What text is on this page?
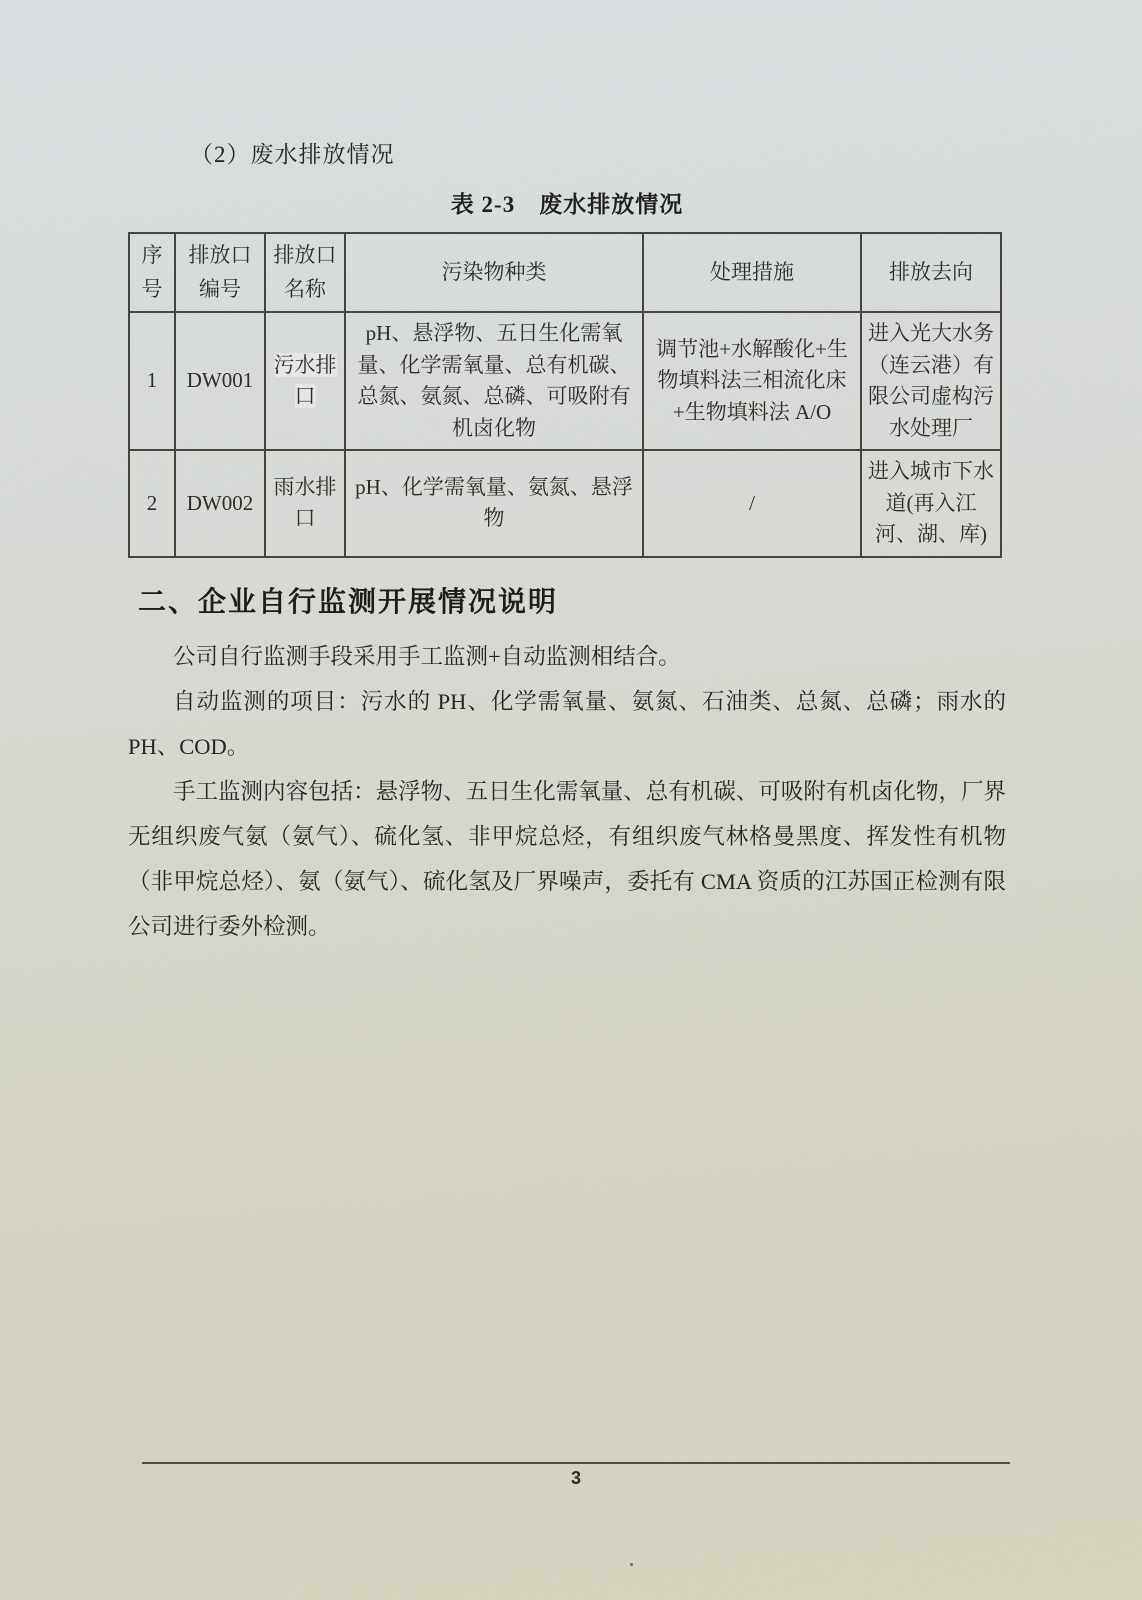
（2）废水排放情况
表 2-3　废水排放情况
序号	排放口编号	排放口名称	污染物种类	处理措施	排放去向
1	DW001	污水排口	pH、悬浮物、五日生化需氧量、化学需氧量、总有机碳、总氮、氨氮、总磷、可吸附有机卤化物	调节池+水解酸化+生物填料法三相流化床+生物填料法 A/O	进入光大水务（连云港）有限公司虚构污水处理厂
2	DW002	雨水排口	pH、化学需氧量、氨氮、悬浮物	/	进入城市下水道(再入江河、湖、库)
二、企业自行监测开展情况说明

公司自行监测手段采用手工监测+自动监测相结合。

自动监测的项目：污水的 PH、化学需氧量、氨氮、石油类、总氮、总磷；雨水的 PH、COD。

手工监测内容包括：悬浮物、五日生化需氧量、总有机碳、可吸附有机卤化物，厂界无组织废气氨（氨气）、硫化氢、非甲烷总烃，有组织废气林格曼黑度、挥发性有机物（非甲烷总烃）、氨（氨气）、硫化氢及厂界噪声，委托有 CMA 资质的江苏国正检测有限公司进行委外检测。

3
